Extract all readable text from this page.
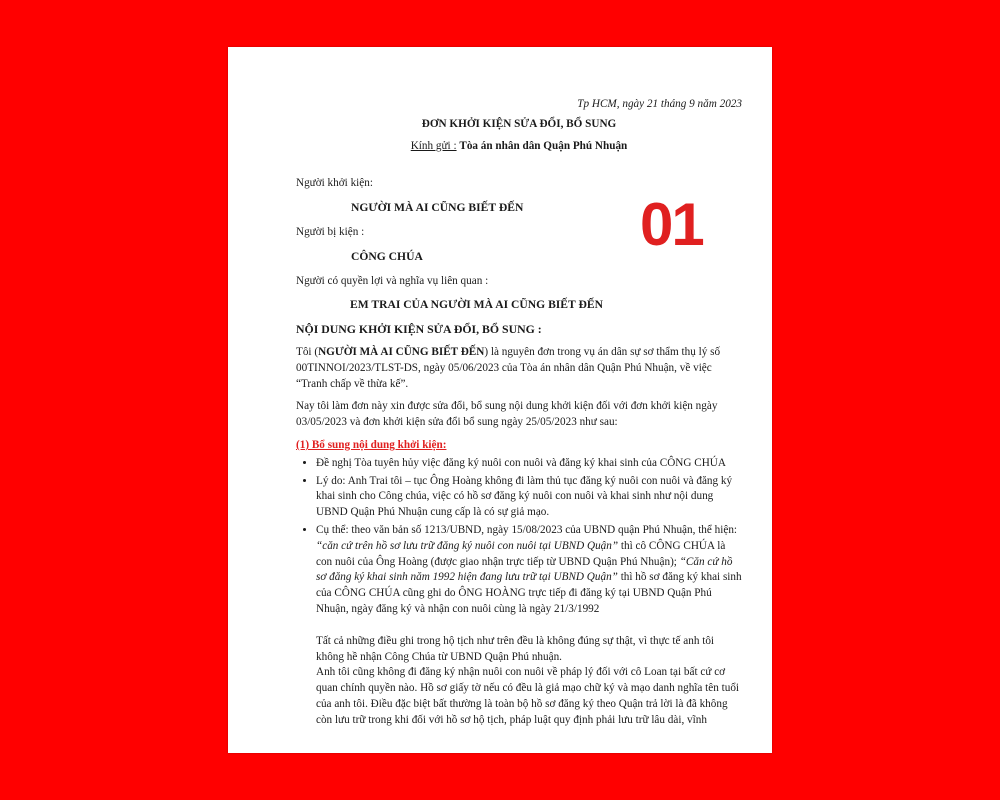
01
Tp HCM, ngày 21 tháng 9 năm 2023
ĐƠN KHỞI KIỆN SỬA ĐỔI, BỔ SUNG
Kính gửi : Tòa án nhân dân Quận Phú Nhuận
Người khởi kiện:
NGƯỜI MÀ AI CŨNG BIẾT ĐẾN
Người bị kiện :
CÔNG CHÚA
Người có quyền lợi và nghĩa vụ liên quan :
EM TRAI CỦA NGƯỜI MÀ AI CŨNG BIẾT ĐẾN
NỘI DUNG KHỞI KIỆN SỬA ĐỔI, BỔ SUNG :

Tôi (NGƯỜI MÀ AI CŨNG BIẾT ĐẾN) là nguyên đơn trong vụ án dân sự sơ thẩm thụ lý số 00TINNOI/2023/TLST-DS, ngày 05/06/2023 của Tòa án nhân dân Quận Phú Nhuận, về việc “Tranh chấp về thừa kế”.

Nay tôi làm đơn này xin được sửa đổi, bổ sung nội dung khởi kiện đối với đơn khởi kiện ngày 03/05/2023 và đơn khởi kiện sửa đổi bổ sung ngày 25/05/2023 như sau:

(1) Bổ sung nội dung khởi kiện:
• Đề nghị Tòa tuyên hủy việc đăng ký nuôi con nuôi và đăng ký khai sinh của CÔNG CHÚA
• Lý do: Anh Trai tôi – tục Ông Hoàng không đi làm thủ tục đăng ký nuôi con nuôi và đăng ký khai sinh cho Công chúa, việc có hồ sơ đăng ký nuôi con nuôi và khai sinh như nội dung UBND Quận Phú Nhuận cung cấp là có sự giả mạo.
• Cụ thể: theo văn bản số 1213/UBND, ngày 15/08/2023 của UBND quận Phú Nhuận, thể hiện: “căn cứ trên hồ sơ lưu trữ đăng ký nuôi con nuôi tại UBND Quận” thì cô CÔNG CHÚA là con nuôi của Ông Hoàng (được giao nhận trực tiếp từ UBND Quận Phú Nhuận); “Căn cứ hồ sơ đăng ký khai sinh năm 1992 hiện đang lưu trữ tại UBND Quận” thì hồ sơ đăng ký khai sinh của CÔNG CHÚA cũng ghi do ÔNG HOÀNG trực tiếp đi đăng ký tại UBND Quận Phú Nhuận, ngày đăng ký và nhận con nuôi cùng là ngày 21/3/1992

Tất cả những điều ghi trong hộ tịch như trên đều là không đúng sự thật, vì thực tế anh tôi không hề nhận Công Chúa từ UBND Quận Phú nhuận.

Anh tôi cũng không đi đăng ký nhận nuôi con nuôi về pháp lý đối với cô Loan tại bất cứ cơ quan chính quyền nào. Hồ sơ giấy tờ nếu có đều là giả mạo chữ ký và mạo danh nghĩa tên tuổi của anh tôi. Điều đặc biệt bất thường là toàn bộ hồ sơ đăng ký theo Quận trả lời là đã không còn lưu trữ trong khi đối với hồ sơ hộ tịch, pháp luật quy định phải lưu trữ lâu dài, vĩnh
